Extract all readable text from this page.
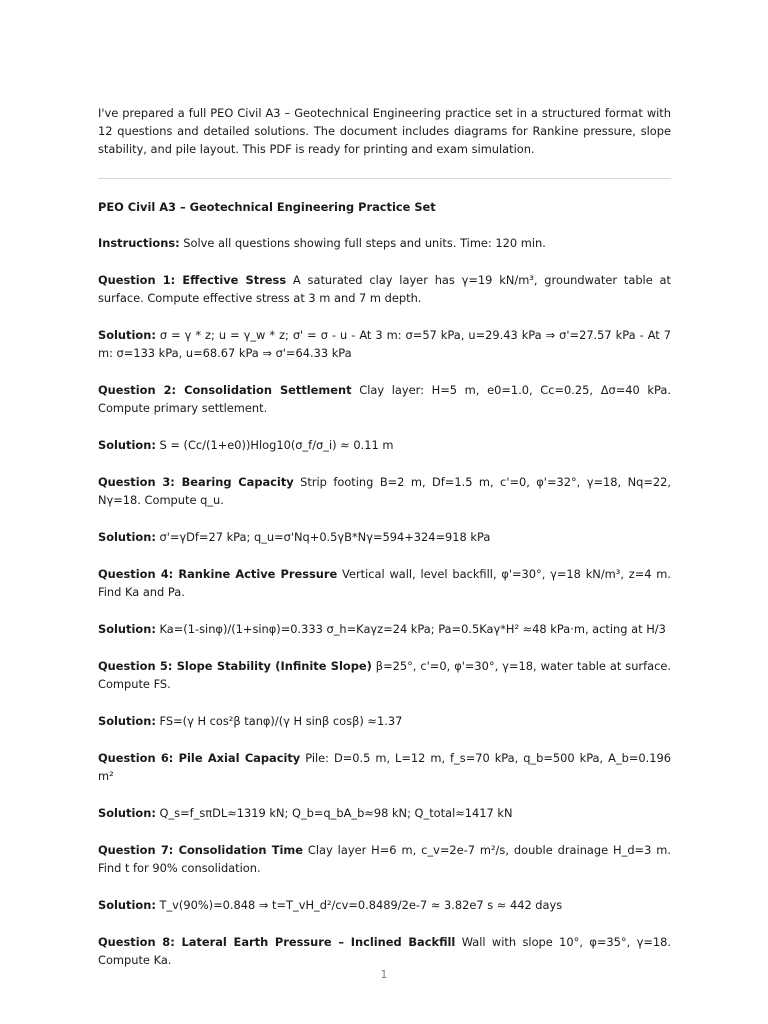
I've prepared a full PEO Civil A3 – Geotechnical Engineering practice set in a structured format with 12 questions and detailed solutions. The document includes diagrams for Rankine pressure, slope stability, and pile layout. This PDF is ready for printing and exam simulation.
PEO Civil A3 – Geotechnical Engineering Practice Set
Instructions: Solve all questions showing full steps and units. Time: 120 min.
Question 1: Effective Stress A saturated clay layer has γ=19 kN/m³, groundwater table at surface. Compute effective stress at 3 m and 7 m depth.
Solution: σ = γ * z; u = γ_w * z; σ' = σ - u - At 3 m: σ=57 kPa, u=29.43 kPa ⇒ σ'=27.57 kPa - At 7 m: σ=133 kPa, u=68.67 kPa ⇒ σ'=64.33 kPa
Question 2: Consolidation Settlement Clay layer: H=5 m, e0=1.0, Cc=0.25, Δσ=40 kPa. Compute primary settlement.
Solution: S = (Cc/(1+e0))Hlog10(σ_f/σ_i) ≈ 0.11 m
Question 3: Bearing Capacity Strip footing B=2 m, Df=1.5 m, c'=0, φ'=32°, γ=18, Nq=22, Nγ=18. Compute q_u.
Solution: σ'=γDf=27 kPa; q_u=σ'Nq+0.5γB*Nγ=594+324=918 kPa
Question 4: Rankine Active Pressure Vertical wall, level backfill, φ'=30°, γ=18 kN/m³, z=4 m. Find Ka and Pa.
Solution: Ka=(1-sinφ)/(1+sinφ)=0.333 σ_h=Kaγz=24 kPa; Pa=0.5Kaγ*H² ≈48 kPa·m, acting at H/3
Question 5: Slope Stability (Infinite Slope) β=25°, c'=0, φ'=30°, γ=18, water table at surface. Compute FS.
Solution: FS=(γ H cos²β tanφ)/(γ H sinβ cosβ) ≈1.37
Question 6: Pile Axial Capacity Pile: D=0.5 m, L=12 m, f_s=70 kPa, q_b=500 kPa, A_b=0.196 m²
Solution: Q_s=f_sπDL≈1319 kN; Q_b=q_bA_b≈98 kN; Q_total≈1417 kN
Question 7: Consolidation Time Clay layer H=6 m, c_v=2e-7 m²/s, double drainage H_d=3 m. Find t for 90% consolidation.
Solution: T_v(90%)=0.848 ⇒ t=T_vH_d²/cv=0.8489/2e-7 ≈ 3.82e7 s ≈ 442 days
Question 8: Lateral Earth Pressure – Inclined Backfill Wall with slope 10°, φ=35°, γ=18. Compute Ka.
1
